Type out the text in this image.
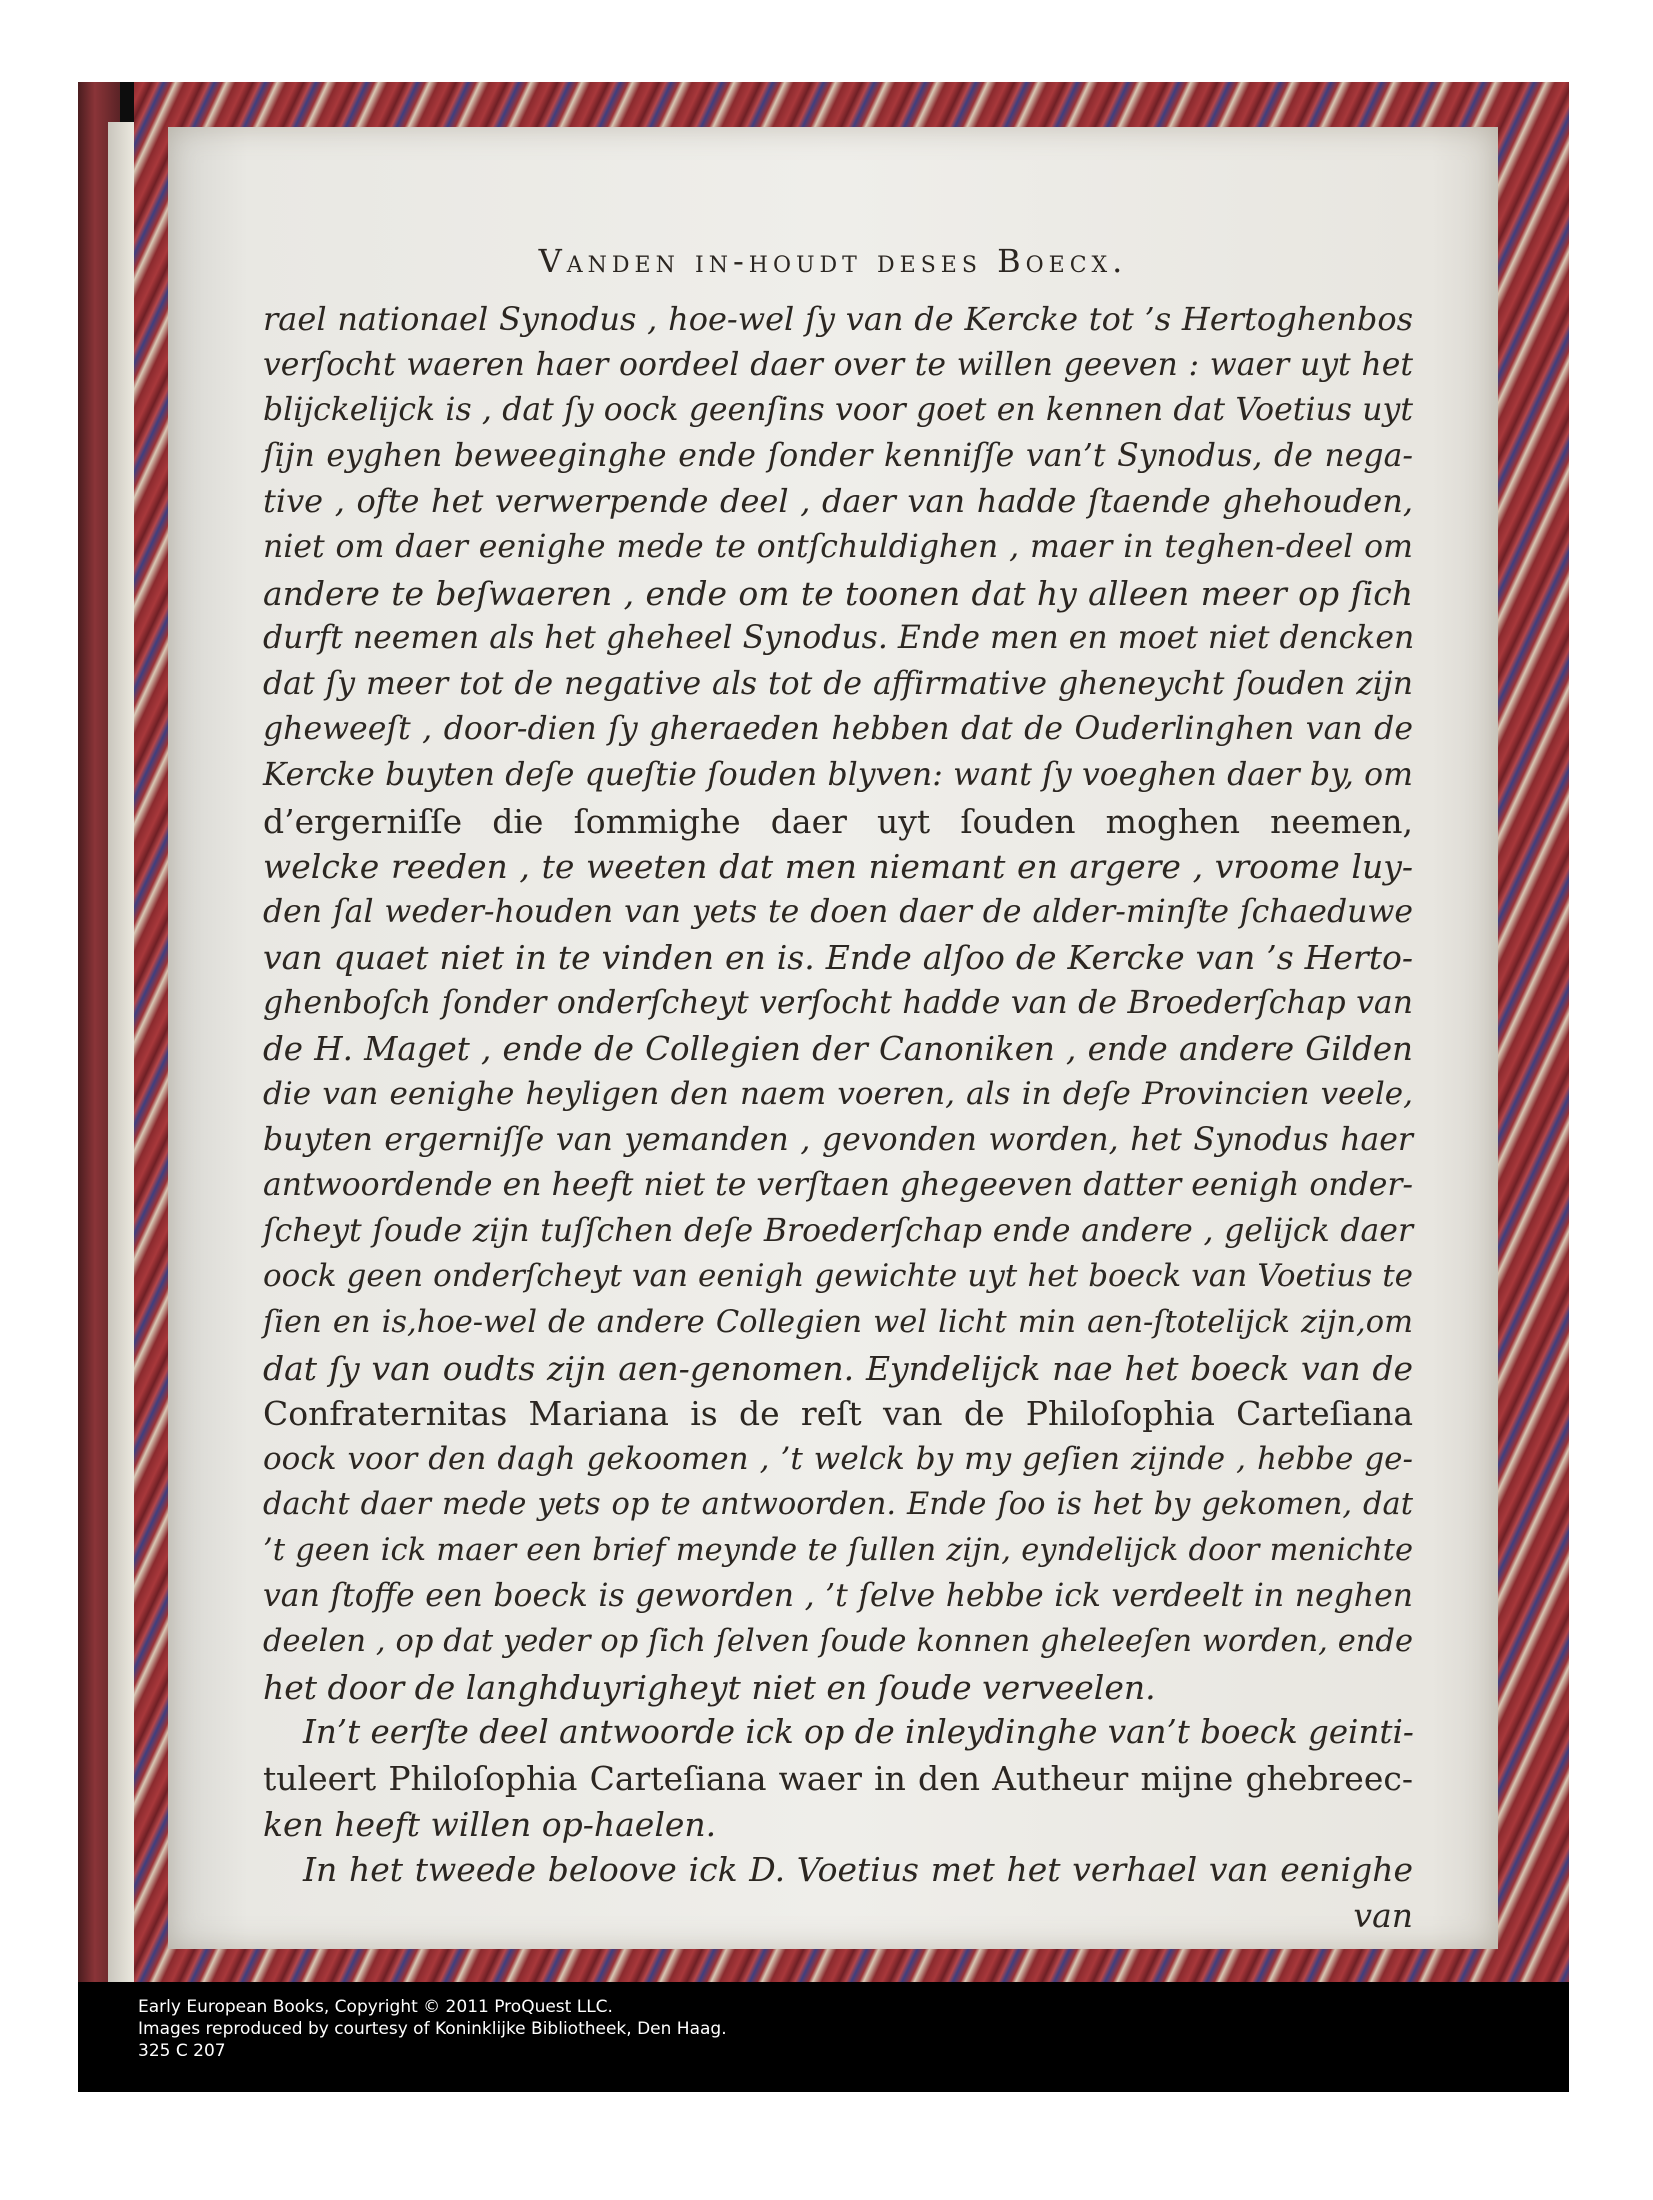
Vanden in-houdt deses Boecx.
rael nationael Synodus , hoe-wel ſy van de Kercke tot ’s Hertoghenbos
verſocht waeren haer oordeel daer over te willen geeven : waer uyt het
blijckelijck is , dat ſy oock geenſins voor goet en kennen dat Voetius uyt
ſijn eyghen beweeginghe ende ſonder kenniſſe van’t Synodus, de nega-
tive , ofte het verwerpende deel , daer van hadde ſtaende ghehouden,
niet om daer eenighe mede te ontſchuldighen , maer in teghen-deel om
andere te beſwaeren , ende om te toonen dat hy alleen meer op ſich
durft neemen als het gheheel Synodus. Ende men en moet niet dencken
dat ſy meer tot de negative als tot de affirmative gheneycht ſouden zijn
gheweeſt , door-dien ſy gheraeden hebben dat de Ouderlinghen van de
Kercke buyten deſe queſtie ſouden blyven: want ſy voeghen daer by, om
d’ergerniſſe die ſommighe daer uyt ſouden moghen neemen,
welcke reeden , te weeten dat men niemant en argere , vroome luy-
den ſal weder-houden van yets te doen daer de alder-minſte ſchaeduwe
van quaet niet in te vinden en is. Ende alſoo de Kercke van ’s Herto-
ghenboſch ſonder onderſcheyt verſocht hadde van de Broederſchap van
de H. Maget , ende de Collegien der Canoniken , ende andere Gilden
die van eenighe heyligen den naem voeren, als in deſe Provincien veele,
buyten ergerniſſe van yemanden , gevonden worden, het Synodus haer
antwoordende en heeft niet te verſtaen ghegeeven datter eenigh onder-
ſcheyt ſoude zijn tuſſchen deſe Broederſchap ende andere , gelijck daer
oock geen onderſcheyt van eenigh gewichte uyt het boeck van Voetius te
ſien en is,hoe-wel de andere Collegien wel licht min aen-ſtotelijck zijn,om
dat ſy van oudts zijn aen-genomen. Eyndelijck nae het boeck van de
Confraternitas Mariana is de reſt van de Philoſophia Carteſiana
oock voor den dagh gekoomen , ’t welck by my geſien zijnde , hebbe ge-
dacht daer mede yets op te antwoorden. Ende ſoo is het by gekomen, dat
’t geen ick maer een brief meynde te ſullen zijn, eyndelijck door menichte
van ſtoffe een boeck is geworden , ’t ſelve hebbe ick verdeelt in neghen
deelen , op dat yeder op ſich ſelven ſoude konnen gheleeſen worden, ende
het door de langhduyrigheyt niet en ſoude verveelen.
In’t eerſte deel antwoorde ick op de inleydinghe van’t boeck geinti-
tuleert Philoſophia Carteſiana waer in den Autheur mijne ghebreec-
ken heeft willen op-haelen.
In het tweede beloove ick D. Voetius met het verhael van eenighe
van
Early European Books, Copyright © 2011 ProQuest LLC.
Images reproduced by courtesy of Koninklijke Bibliotheek, Den Haag.
325 C 207
